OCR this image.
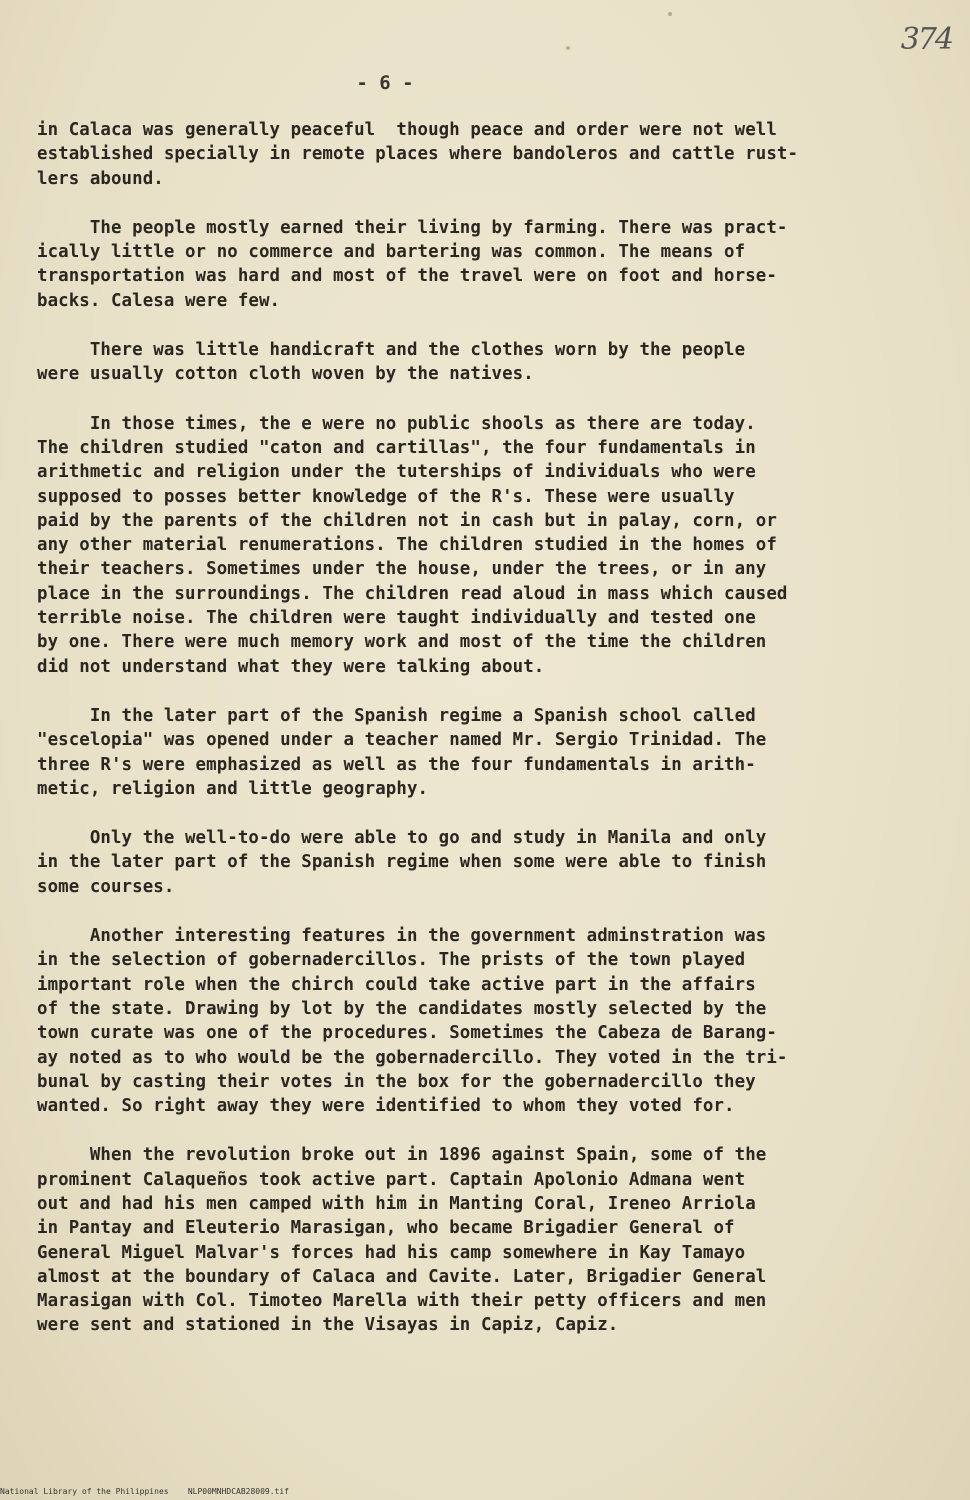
374
- 6 -
in Calaca was generally peaceful  though peace and order were not well
established specially in remote places where bandoleros and cattle rust-
lers abound.
The people mostly earned their living by farming. There was pract-
ically little or no commerce and bartering was common. The means of
transportation was hard and most of the travel were on foot and horse-
backs. Calesa were few.
There was little handicraft and the clothes worn by the people
were usually cotton cloth woven by the natives.
In those times, the e were no public shools as there are today.
The children studied "caton and cartillas", the four fundamentals in
arithmetic and religion under the tuterships of individuals who were
supposed to posses better knowledge of the R's. These were usually
paid by the parents of the children not in cash but in palay, corn, or
any other material renumerations. The children studied in the homes of
their teachers. Sometimes under the house, under the trees, or in any
place in the surroundings. The children read aloud in mass which caused
terrible noise. The children were taught individually and tested one
by one. There were much memory work and most of the time the children
did not understand what they were talking about.
In the later part of the Spanish regime a Spanish school called
"escelopia" was opened under a teacher named Mr. Sergio Trinidad. The
three R's were emphasized as well as the four fundamentals in arith-
metic, religion and little geography.
Only the well-to-do were able to go and study in Manila and only
in the later part of the Spanish regime when some were able to finish
some courses.
Another interesting features in the government adminstration was
in the selection of gobernadercillos. The prists of the town played
important role when the chirch could take active part in the affairs
of the state. Drawing by lot by the candidates mostly selected by the
town curate was one of the procedures. Sometimes the Cabeza de Barang-
ay noted as to who would be the gobernadercillo. They voted in the tri-
bunal by casting their votes in the box for the gobernadercillo they
wanted. So right away they were identified to whom they voted for.
When the revolution broke out in 1896 against Spain, some of the
prominent Calaqueños took active part. Captain Apolonio Admana went
out and had his men camped with him in Manting Coral, Ireneo Arriola
in Pantay and Eleuterio Marasigan, who became Brigadier General of
General Miguel Malvar's forces had his camp somewhere in Kay Tamayo
almost at the boundary of Calaca and Cavite. Later, Brigadier General
Marasigan with Col. Timoteo Marella with their petty officers and men
were sent and stationed in the Visayas in Capiz, Capiz.
National Library of the Philippines    NLP00MNHDCAB28009.tif
